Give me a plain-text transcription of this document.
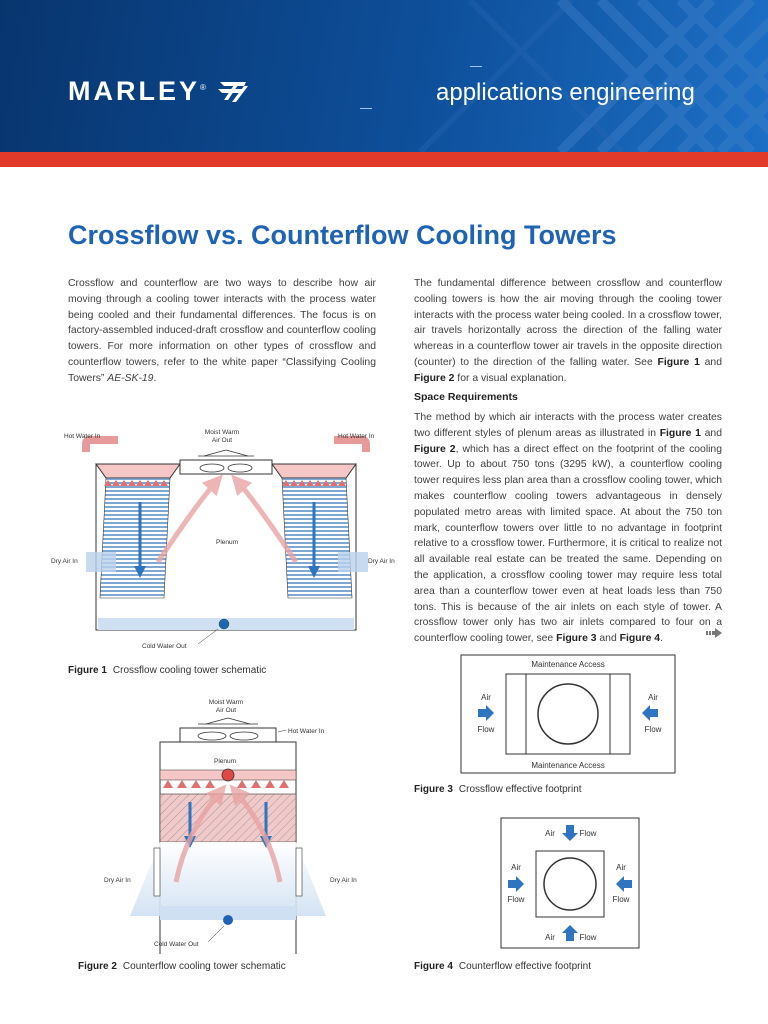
MARLEY®	applications engineering
Crossflow vs. Counterflow Cooling Towers

Crossflow and counterflow are two ways to describe how air moving through a cooling tower interacts with the process water being cooled and their fundamental differences. The focus is on factory-assembled induced-draft crossflow and counterflow cooling towers. For more information on other types of crossflow and counterflow towers, refer to the white paper “Classifying Cooling Towers” AE-SK-19.

The fundamental difference between crossflow and counterflow cooling towers is how the air moving through the cooling tower interacts with the process water being cooled. In a crossflow tower, air travels horizontally across the direction of the falling water whereas in a counterflow tower air travels in the opposite direction (counter) to the direction of the falling water. See Figure 1 and Figure 2 for a visual explanation.

Space Requirements

The method by which air interacts with the process water creates two different styles of plenum areas as illustrated in Figure 1 and Figure 2, which has a direct effect on the footprint of the cooling tower. Up to about 750 tons (3295 kW), a counterflow cooling tower requires less plan area than a crossflow cooling tower, which makes counterflow cooling towers advantageous in densely populated metro areas with limited space. At about the 750 ton mark, counterflow towers over little to no advantage in footprint relative to a crossflow tower. Furthermore, it is critical to realize not all available real estate can be treated the same. Depending on the application, a crossflow cooling tower may require less total area than a counterflow tower even at heat loads less than 750 tons. This is because of the air inlets on each style of tower. A crossflow tower only has two air inlets compared to four on a counterflow cooling tower, see Figure 3 and Figure 4.

Moist Warm
Air Out
Hot Water In	Hot Water In
Plenum
Dry Air In	Dry Air In
Cold Water Out
Figure 1 Crossflow cooling tower schematic
Moist Warm
Air Out
Hot Water In
Plenum
Dry Air In	Dry Air In
Cold Water Out
Figure 2 Counterflow cooling tower schematic
Maintenance Access
Maintenance Access
Air
Flow
Air
Flow
Figure 3 Crossflow effective footprint
Air	Flow
Air
Flow
Air
Flow
Air	Flow
Figure 4 Counterflow effective footprint
